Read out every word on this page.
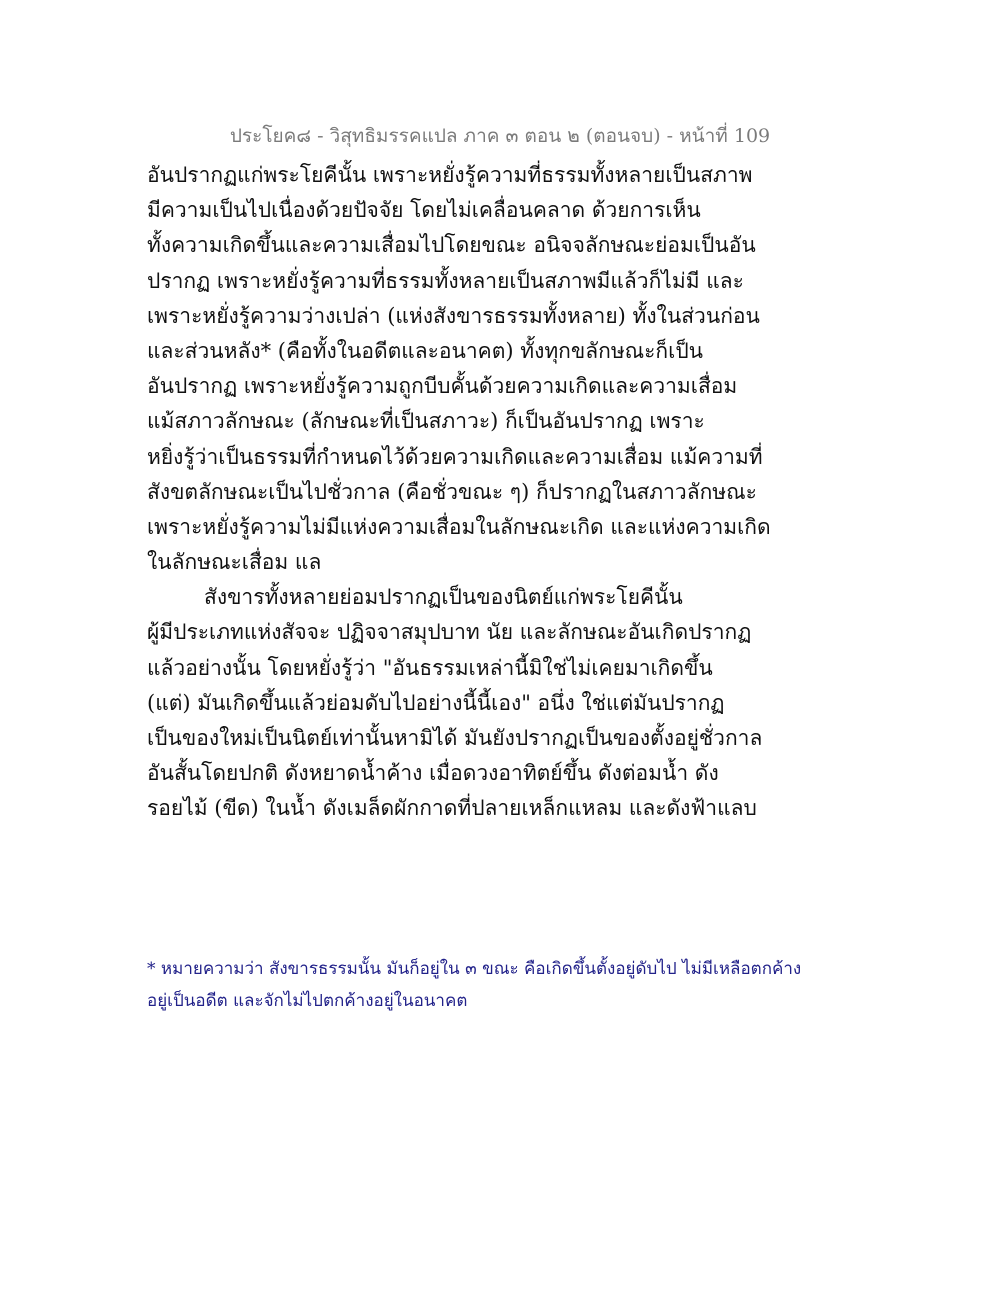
ประโยค๘ - วิสุทธิมรรคแปล ภาค ๓ ตอน ๒ (ตอนจบ) - หน้าที่ 109
อันปรากฏแก่พระโยคีนั้น เพราะหยั่งรู้ความที่ธรรมทั้งหลายเป็นสภาพ
มีความเป็นไปเนื่องด้วยปัจจัย โดยไม่เคลื่อนคลาด ด้วยการเห็น
ทั้งความเกิดขึ้นและความเสื่อมไปโดยขณะ อนิจจลักษณะย่อมเป็นอัน
ปรากฏ เพราะหยั่งรู้ความที่ธรรมทั้งหลายเป็นสภาพมีแล้วก็ไม่มี และ
เพราะหยั่งรู้ความว่างเปล่า (แห่งสังขารธรรมทั้งหลาย) ทั้งในส่วนก่อน
และส่วนหลัง* (คือทั้งในอดีตและอนาคต) ทั้งทุกขลักษณะก็เป็น
อันปรากฏ เพราะหยั่งรู้ความถูกบีบคั้นด้วยความเกิดและความเสื่อม
แม้สภาวลักษณะ (ลักษณะที่เป็นสภาวะ) ก็เป็นอันปรากฏ เพราะ
หยิ่งรู้ว่าเป็นธรรมที่กำหนดไว้ด้วยความเกิดและความเสื่อม แม้ความที่
สังขตลักษณะเป็นไปชั่วกาล (คือชั่วขณะ ๆ) ก็ปรากฏในสภาวลักษณะ
เพราะหยั่งรู้ความไม่มีแห่งความเสื่อมในลักษณะเกิด และแห่งความเกิด
ในลักษณะเสื่อม แล
สังขารทั้งหลายย่อมปรากฏเป็นของนิตย์แก่พระโยคีนั้น
ผู้มีประเภทแห่งสัจจะ ปฏิจจาสมุปบาท นัย และลักษณะอันเกิดปรากฏ
แล้วอย่างนั้น โดยหยั่งรู้ว่า "อันธรรมเหล่านี้มิใช่ไม่เคยมาเกิดขึ้น
(แต่) มันเกิดขึ้นแล้วย่อมดับไปอย่างนี้นี้เอง" อนึ่ง ใช่แต่มันปรากฏ
เป็นของใหม่เป็นนิตย์เท่านั้นหามิได้ มันยังปรากฏเป็นของตั้งอยู่ชั่วกาล
อันสั้นโดยปกติ ดังหยาดน้ำค้าง เมื่อดวงอาทิตย์ขึ้น ดังต่อมน้ำ ดัง
รอยไม้ (ขีด) ในน้ำ ดังเมล็ดผักกาดที่ปลายเหล็กแหลม และดังฟ้าแลบ
* หมายความว่า สังขารธรรมนั้น มันก็อยู่ใน ๓ ขณะ คือเกิดขึ้นตั้งอยู่ดับไป ไม่มีเหลือตกค้าง
อยู่เป็นอดีต และจักไม่ไปตกค้างอยู่ในอนาคต
